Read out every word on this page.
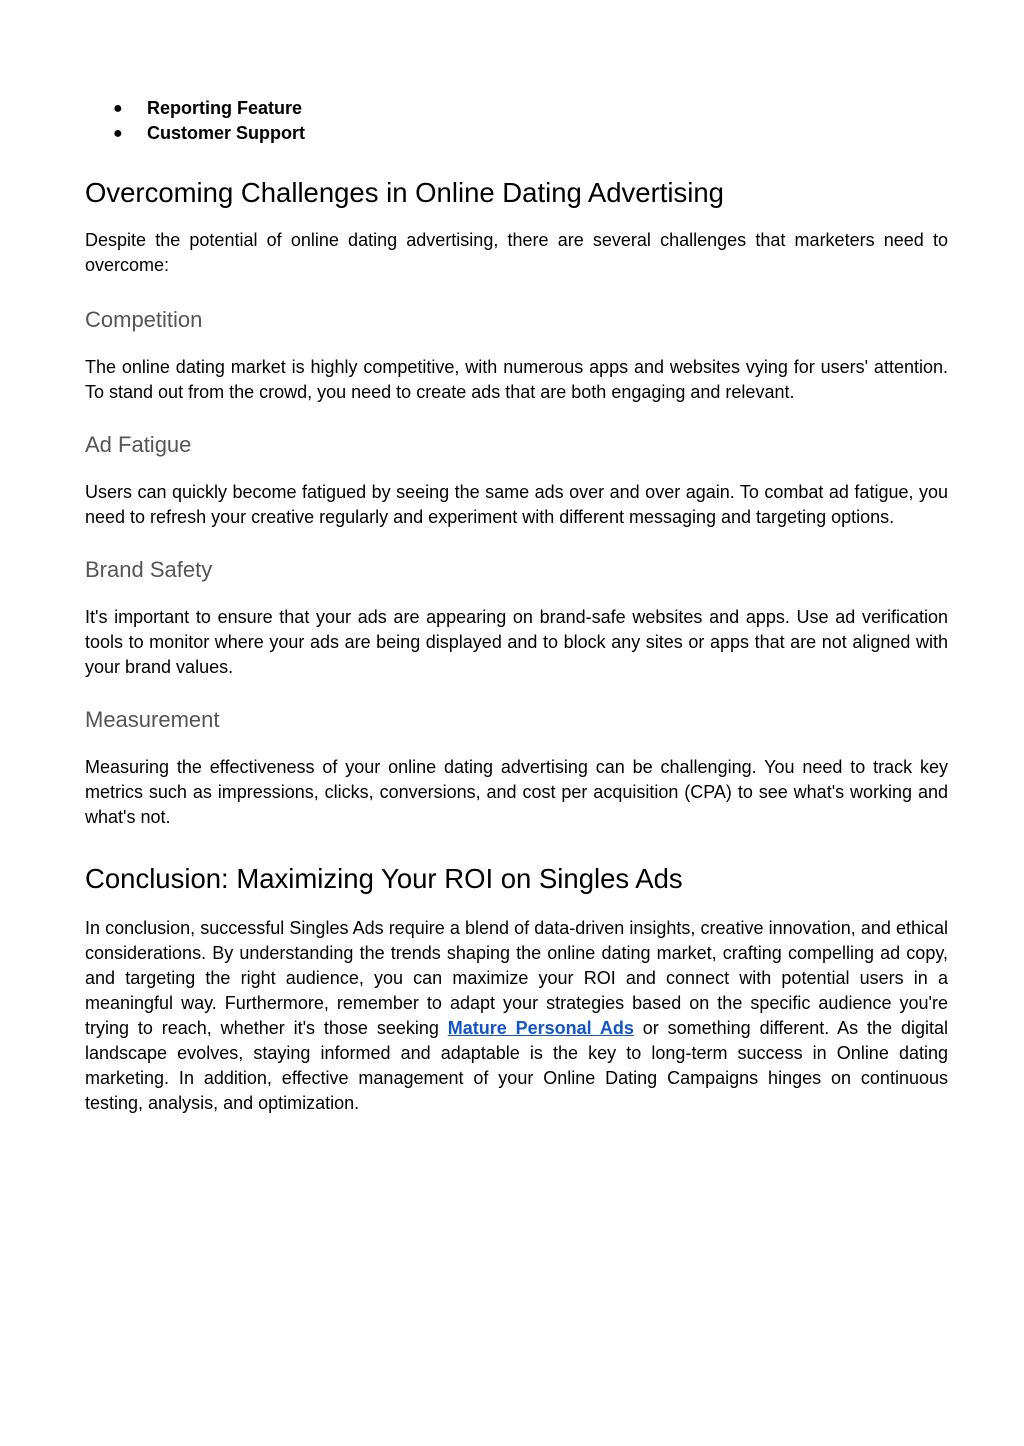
● Reporting Feature
● Customer Support
Overcoming Challenges in Online Dating Advertising

Despite the potential of online dating advertising, there are several challenges that marketers need to overcome:

Competition

The online dating market is highly competitive, with numerous apps and websites vying for users' attention. To stand out from the crowd, you need to create ads that are both engaging and relevant.

Ad Fatigue

Users can quickly become fatigued by seeing the same ads over and over again. To combat ad fatigue, you need to refresh your creative regularly and experiment with different messaging and targeting options.

Brand Safety

It's important to ensure that your ads are appearing on brand-safe websites and apps. Use ad verification tools to monitor where your ads are being displayed and to block any sites or apps that are not aligned with your brand values.

Measurement

Measuring the effectiveness of your online dating advertising can be challenging. You need to track key metrics such as impressions, clicks, conversions, and cost per acquisition (CPA) to see what's working and what's not.

Conclusion: Maximizing Your ROI on Singles Ads

In conclusion, successful Singles Ads require a blend of data-driven insights, creative innovation, and ethical considerations. By understanding the trends shaping the online dating market, crafting compelling ad copy, and targeting the right audience, you can maximize your ROI and connect with potential users in a meaningful way. Furthermore, remember to adapt your strategies based on the specific audience you're trying to reach, whether it's those seeking Mature Personal Ads or something different. As the digital landscape evolves, staying informed and adaptable is the key to long-term success in Online dating marketing. In addition, effective management of your Online Dating Campaigns hinges on continuous testing, analysis, and optimization.
